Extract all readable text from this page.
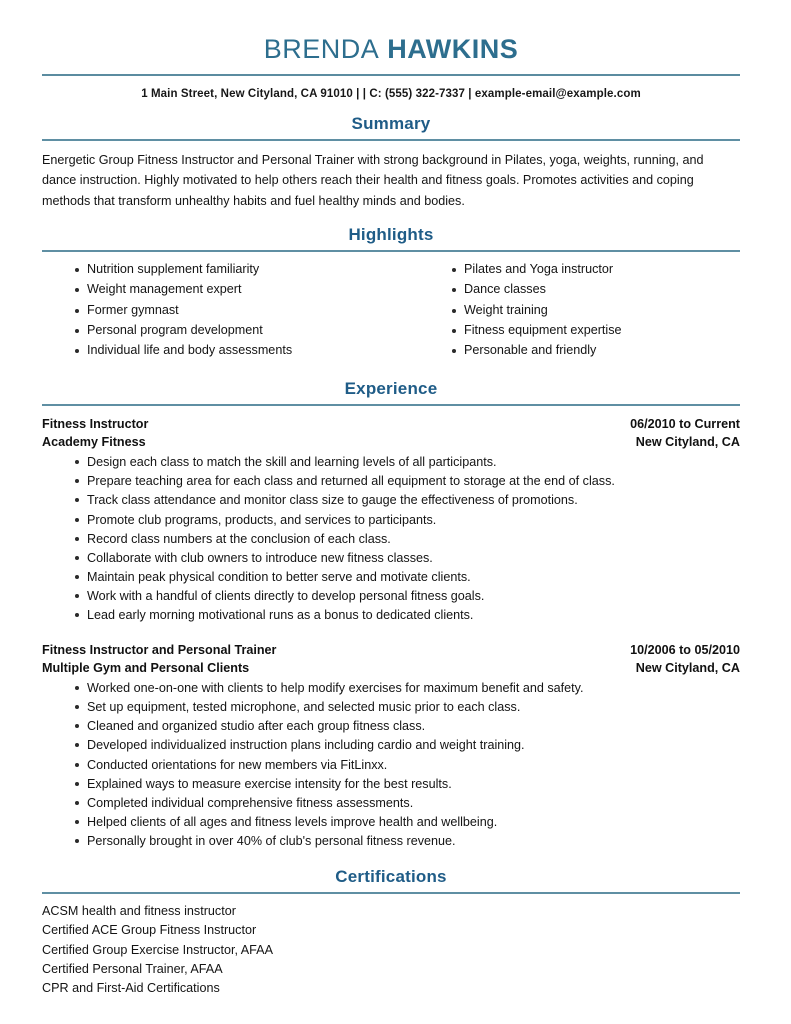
BRENDA HAWKINS
1 Main Street, New Cityland, CA 91010 | | C: (555) 322-7337 | example-email@example.com
Summary

Energetic Group Fitness Instructor and Personal Trainer with strong background in Pilates, yoga, weights, running, and dance instruction. Highly motivated to help others reach their health and fitness goals. Promotes activities and coping methods that transform unhealthy habits and fuel healthy minds and bodies.

Highlights
Nutrition supplement familiarity
Weight management expert
Former gymnast
Personal program development
Individual life and body assessments
Pilates and Yoga instructor
Dance classes
Weight training
Fitness equipment expertise
Personable and friendly
Experience
Fitness Instructor	06/2010 to Current
Academy Fitness	New Cityland, CA
Design each class to match the skill and learning levels of all participants.
Prepare teaching area for each class and returned all equipment to storage at the end of class.
Track class attendance and monitor class size to gauge the effectiveness of promotions.
Promote club programs, products, and services to participants.
Record class numbers at the conclusion of each class.
Collaborate with club owners to introduce new fitness classes.
Maintain peak physical condition to better serve and motivate clients.
Work with a handful of clients directly to develop personal fitness goals.
Lead early morning motivational runs as a bonus to dedicated clients.
Fitness Instructor and Personal Trainer	10/2006 to 05/2010
Multiple Gym and Personal Clients	New Cityland, CA
Worked one-on-one with clients to help modify exercises for maximum benefit and safety.
Set up equipment, tested microphone, and selected music prior to each class.
Cleaned and organized studio after each group fitness class.
Developed individualized instruction plans including cardio and weight training.
Conducted orientations for new members via FitLinxx.
Explained ways to measure exercise intensity for the best results.
Completed individual comprehensive fitness assessments.
Helped clients of all ages and fitness levels improve health and wellbeing.
Personally brought in over 40% of club's personal fitness revenue.
Certifications
ACSM health and fitness instructor
Certified ACE Group Fitness Instructor
Certified Group Exercise Instructor, AFAA
Certified Personal Trainer, AFAA
CPR and First-Aid Certifications
